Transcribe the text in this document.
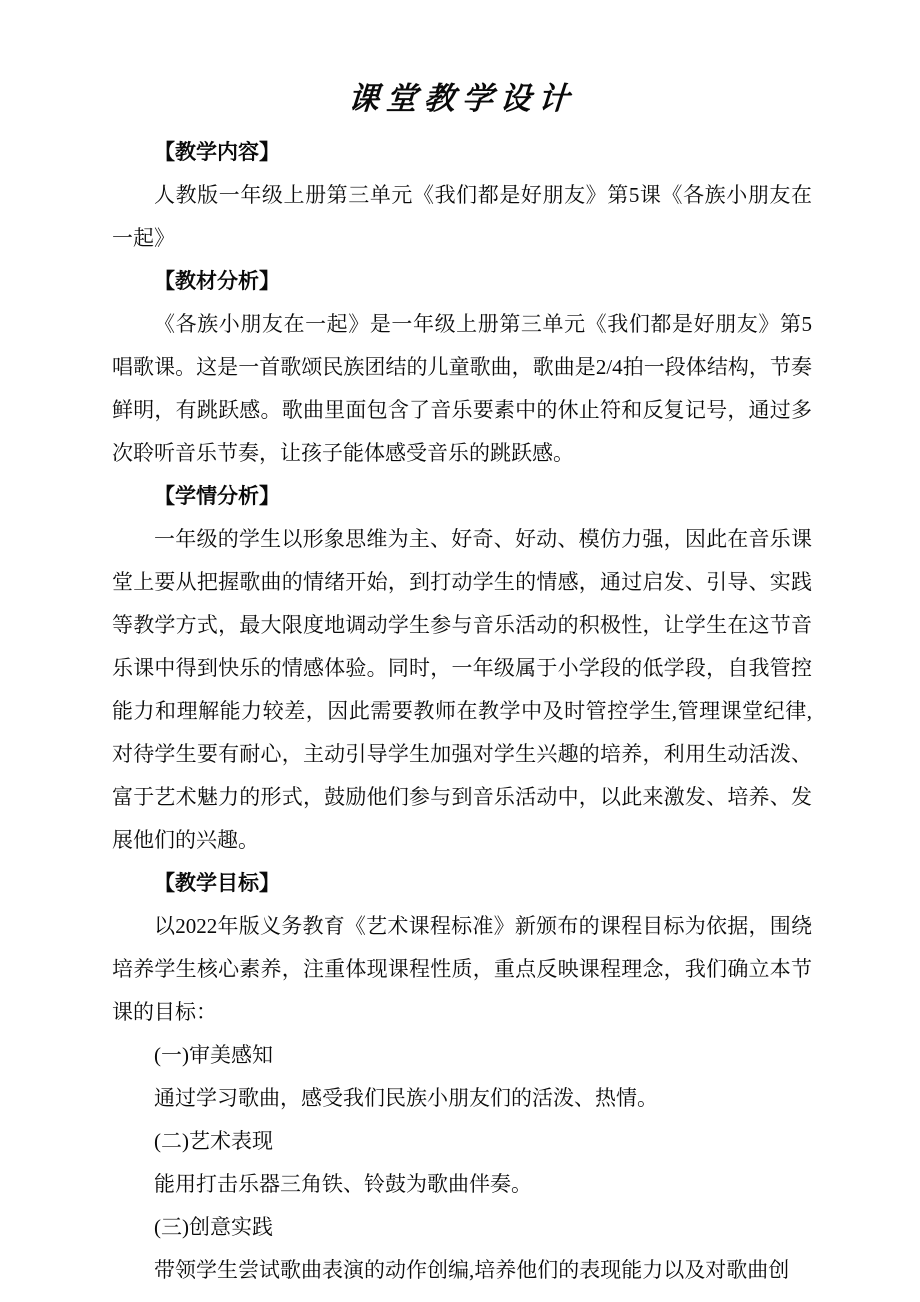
课堂教学设计

【教学内容】

人教版一年级上册第三单元《我们都是好朋友》第5课《各族小朋友在一起》

【教材分析】

《各族小朋友在一起》是一年级上册第三单元《我们都是好朋友》第5唱歌课。这是一首歌颂民族团结的儿童歌曲，歌曲是2/4拍一段体结构，节奏鲜明，有跳跃感。歌曲里面包含了音乐要素中的休止符和反复记号，通过多次聆听音乐节奏，让孩子能体感受音乐的跳跃感。

【学情分析】

一年级的学生以形象思维为主、好奇、好动、模仿力强，因此在音乐课堂上要从把握歌曲的情绪开始，到打动学生的情感，通过启发、引导、实践等教学方式，最大限度地调动学生参与音乐活动的积极性，让学生在这节音乐课中得到快乐的情感体验。同时，一年级属于小学段的低学段，自我管控能力和理解能力较差，因此需要教师在教学中及时管控学生,管理课堂纪律,对待学生要有耐心，主动引导学生加强对学生兴趣的培养，利用生动活泼、富于艺术魅力的形式，鼓励他们参与到音乐活动中，以此来激发、培养、发展他们的兴趣。

【教学目标】

以2022年版义务教育《艺术课程标准》新颁布的课程目标为依据，围绕培养学生核心素养，注重体现课程性质，重点反映课程理念，我们确立本节课的目标：

(一)审美感知

通过学习歌曲，感受我们民族小朋友们的活泼、热情。

(二)艺术表现

能用打击乐器三角铁、铃鼓为歌曲伴奏。

(三)创意实践

带领学生尝试歌曲表演的动作创编,培养他们的表现能力以及对歌曲创
